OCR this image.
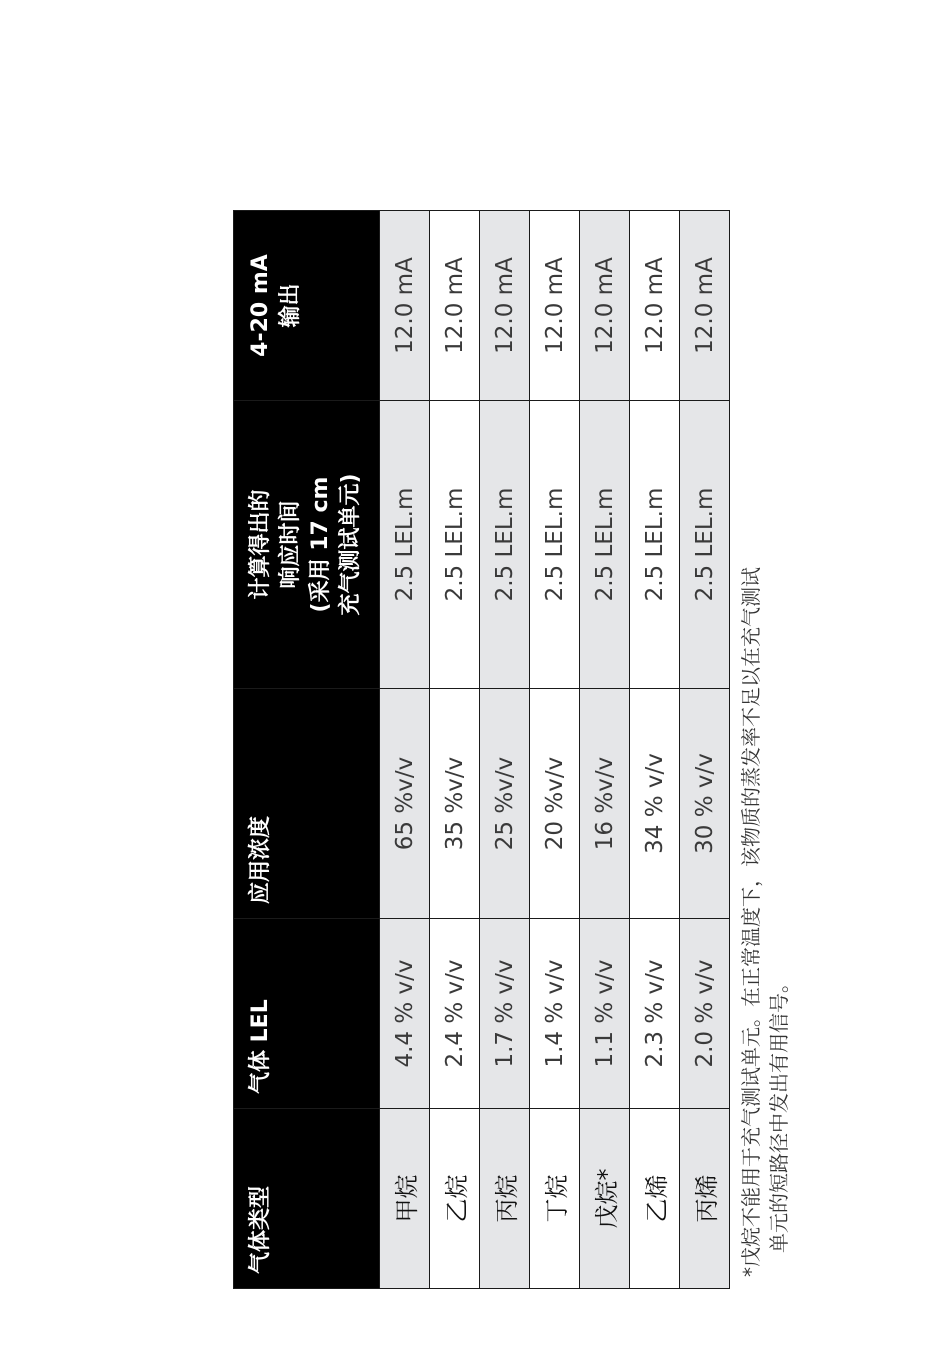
气体类型	气体 LEL	应用浓度	计算得出的 响应时间 (采用 17 cm 充气测试单元)	4-20 mA 输出
甲烷	4.4 % v/v	65 %v/v	2.5 LEL.m	12.0 mA
乙烷	2.4 % v/v	35 %v/v	2.5 LEL.m	12.0 mA
丙烷	1.7 % v/v	25 %v/v	2.5 LEL.m	12.0 mA
丁烷	1.4 % v/v	20 %v/v	2.5 LEL.m	12.0 mA
戊烷*	1.1 % v/v	16 %v/v	2.5 LEL.m	12.0 mA
乙烯	2.3 % v/v	34 % v/v	2.5 LEL.m	12.0 mA
丙烯	2.0 % v/v	30 % v/v	2.5 LEL.m	12.0 mA
*戊烷不能用于充气测试单元。在正常温度下，该物质的蒸发率不足以在充气测试 单元的短路径中发出有用信号。
